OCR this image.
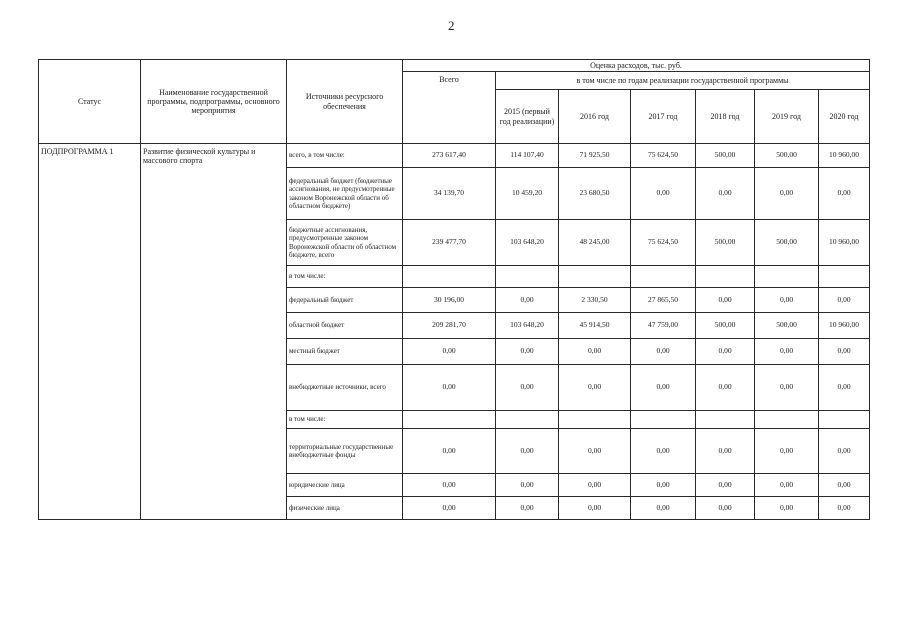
2
Статус	Наименование государственной программы, подпрограммы, основного мероприятия	Источники ресурсного обеспечения	Оценка расходов, тыс. руб.						
			Всего	в том числе по годам реализации государственной программы					
				2015 (первый год реализации)	2016 год	2017 год	2018 год	2019 год	2020 год
ПОДПРОГРАММА 1	Развитие физической культуры и массового спорта	всего, в том числе:	273 617,40	114 107,40	71 925,50	75 624,50	500,00	500,00	10 960,00
		федеральный бюджет (бюджетные ассигнования, не предусмотренные законом Воронежской области об областном бюджете)	34 139,70	10 459,20	23 680,50	0,00	0,00	0,00	0,00
		бюджетные ассигнования, предусмотренные законом Воронежской области об областном бюджете, всего	239 477,70	103 648,20	48 245,00	75 624,50	500,00	500,00	10 960,00
		в том числе:							
		федеральный бюджет	30 196,00	0,00	2 330,50	27 865,50	0,00	0,00	0,00
		областной бюджет	209 281,70	103 648,20	45 914,50	47 759,00	500,00	500,00	10 960,00
		местный бюджет	0,00	0,00	0,00	0,00	0,00	0,00	0,00
		внебюджетные источники, всего	0,00	0,00	0,00	0,00	0,00	0,00	0,00
		в том числе:							
		территориальные государственные внебюджетные фонды	0,00	0,00	0,00	0,00	0,00	0,00	0,00
		юридические лица	0,00	0,00	0,00	0,00	0,00	0,00	0,00
		физические лица	0,00	0,00	0,00	0,00	0,00	0,00	0,00
